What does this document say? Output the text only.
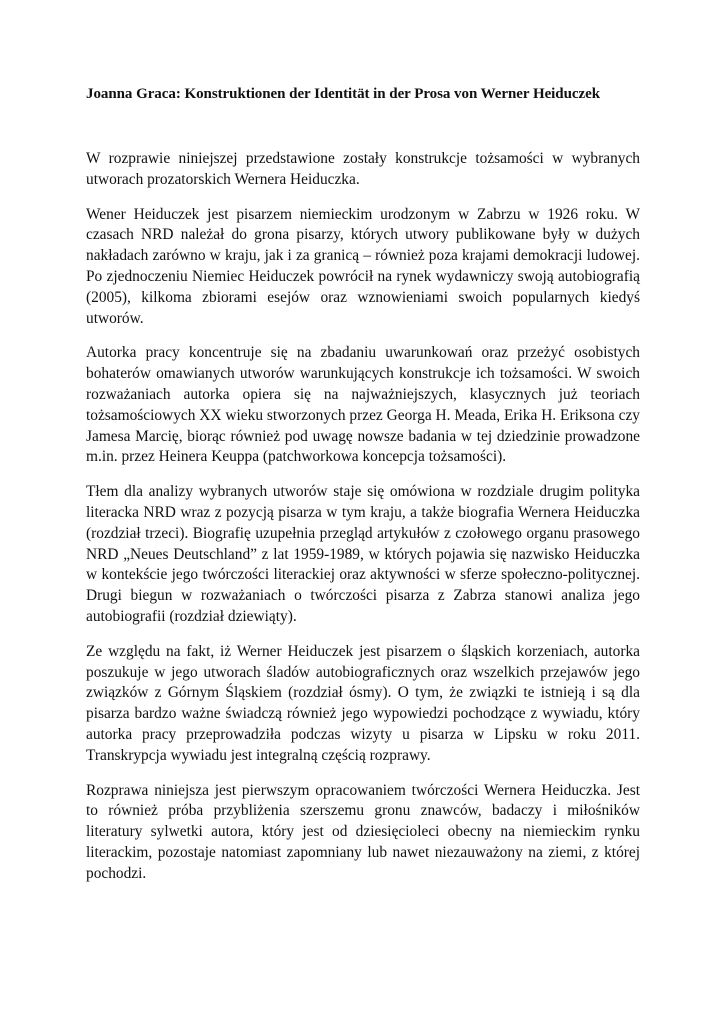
Joanna Graca: Konstruktionen der Identität in der Prosa von Werner Heiduczek

W rozprawie niniejszej przedstawione zostały konstrukcje tożsamości w wybranych utworach prozatorskich Wernera Heiduczka.

Wener Heiduczek jest pisarzem niemieckim urodzonym w Zabrzu w 1926 roku. W czasach NRD należał do grona pisarzy, których utwory publikowane były w dużych nakładach zarówno w kraju, jak i za granicą – również poza krajami demokracji ludowej. Po zjednoczeniu Niemiec Heiduczek powrócił na rynek wydawniczy swoją autobiografią (2005), kilkoma zbiorami esejów oraz wznowieniami swoich popularnych kiedyś utworów.

Autorka pracy koncentruje się na zbadaniu uwarunkowań oraz przeżyć osobistych bohaterów omawianych utworów warunkujących konstrukcje ich tożsamości. W swoich rozważaniach autorka opiera się na najważniejszych, klasycznych już teoriach tożsamościowych XX wieku stworzonych przez Georga H. Meada, Erika H. Eriksona czy Jamesa Marcię, biorąc również pod uwagę nowsze badania w tej dziedzinie prowadzone m.in. przez Heinera Keuppa (patchworkowa koncepcja tożsamości).

Tłem dla analizy wybranych utworów staje się omówiona w rozdziale drugim polityka literacka NRD wraz z pozycją pisarza w tym kraju, a także biografia Wernera Heiduczka (rozdział trzeci). Biografię uzupełnia przegląd artykułów z czołowego organu prasowego NRD „Neues Deutschland” z lat 1959-1989, w których pojawia się nazwisko Heiduczka w kontekście jego twórczości literackiej oraz aktywności w sferze społeczno-politycznej. Drugi biegun w rozważaniach o twórczości pisarza z Zabrza stanowi analiza jego autobiografii (rozdział dziewiąty).

Ze względu na fakt, iż Werner Heiduczek jest pisarzem o śląskich korzeniach, autorka poszukuje w jego utworach śladów autobiograficznych oraz wszelkich przejawów jego związków z Górnym Śląskiem (rozdział ósmy). O tym, że związki te istnieją i są dla pisarza bardzo ważne świadczą również jego wypowiedzi pochodzące z wywiadu, który autorka pracy przeprowadziła podczas wizyty u pisarza w Lipsku w roku 2011. Transkrypcja wywiadu jest integralną częścią rozprawy.

Rozprawa niniejsza jest pierwszym opracowaniem twórczości Wernera Heiduczka. Jest to również próba przybliżenia szerszemu gronu znawców, badaczy i miłośników literatury sylwetki autora, który jest od dziesięcioleci obecny na niemieckim rynku literackim, pozostaje natomiast zapomniany lub nawet niezauważony na ziemi, z której pochodzi.
